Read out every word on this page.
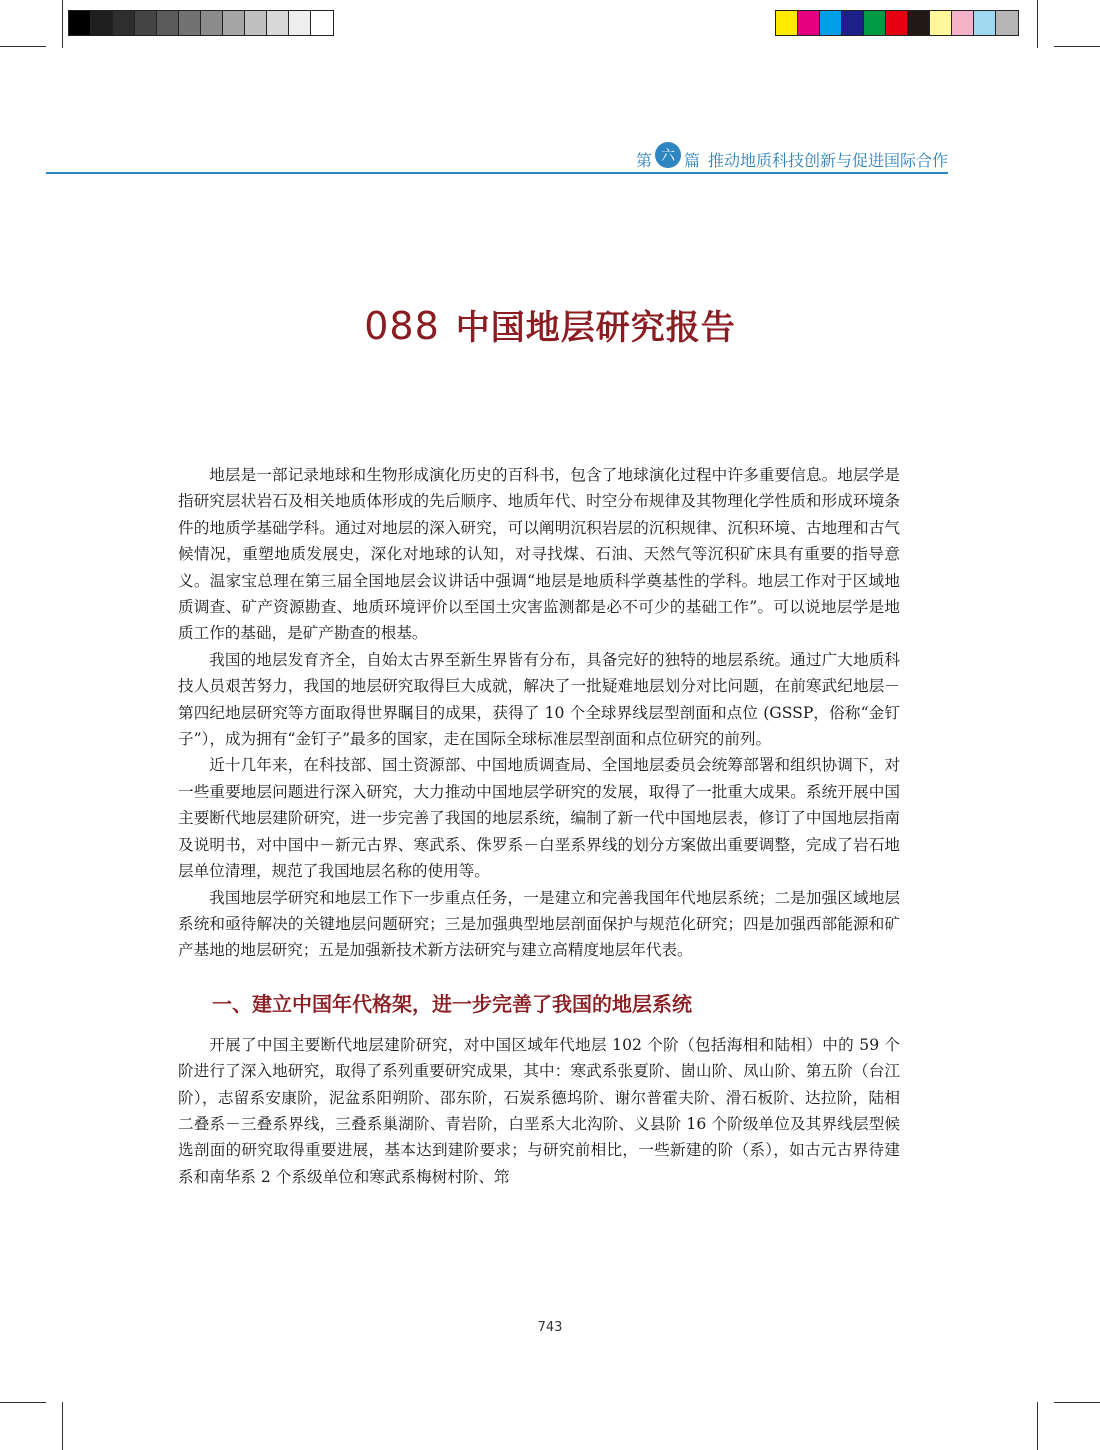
第 六 篇 推动地质科技创新与促进国际合作
088 中国地层研究报告

地层是一部记录地球和生物形成演化历史的百科书，包含了地球演化过程中许多重要信息。地层学是指研究层状岩石及相关地质体形成的先后顺序、地质年代、时空分布规律及其物理化学性质和形成环境条件的地质学基础学科。通过对地层的深入研究，可以阐明沉积岩层的沉积规律、沉积环境、古地理和古气候情况，重塑地质发展史，深化对地球的认知，对寻找煤、石油、天然气等沉积矿床具有重要的指导意义。温家宝总理在第三届全国地层会议讲话中强调“地层是地质科学奠基性的学科。地层工作对于区域地质调查、矿产资源勘查、地质环境评价以至国土灾害监测都是必不可少的基础工作”。可以说地层学是地质工作的基础，是矿产勘查的根基。

我国的地层发育齐全，自始太古界至新生界皆有分布，具备完好的独特的地层系统。通过广大地质科技人员艰苦努力，我国的地层研究取得巨大成就，解决了一批疑难地层划分对比问题，在前寒武纪地层－第四纪地层研究等方面取得世界瞩目的成果，获得了 10 个全球界线层型剖面和点位 (GSSP，俗称“金钉子”），成为拥有“金钉子”最多的国家，走在国际全球标准层型剖面和点位研究的前列。

近十几年来，在科技部、国土资源部、中国地质调查局、全国地层委员会统筹部署和组织协调下，对一些重要地层问题进行深入研究，大力推动中国地层学研究的发展，取得了一批重大成果。系统开展中国主要断代地层建阶研究，进一步完善了我国的地层系统，编制了新一代中国地层表，修订了中国地层指南及说明书，对中国中－新元古界、寒武系、侏罗系－白垩系界线的划分方案做出重要调整，完成了岩石地层单位清理，规范了我国地层名称的使用等。

我国地层学研究和地层工作下一步重点任务，一是建立和完善我国年代地层系统；二是加强区域地层系统和亟待解决的关键地层问题研究；三是加强典型地层剖面保护与规范化研究；四是加强西部能源和矿产基地的地层研究；五是加强新技术新方法研究与建立高精度地层年代表。

一、建立中国年代格架，进一步完善了我国的地层系统

开展了中国主要断代地层建阶研究，对中国区域年代地层 102 个阶（包括海相和陆相）中的 59 个阶进行了深入地研究，取得了系列重要研究成果，其中：寒武系张夏阶、崮山阶、凤山阶、第五阶（台江阶），志留系安康阶，泥盆系阳朔阶、邵东阶，石炭系德坞阶、谢尔普霍夫阶、滑石板阶、达拉阶，陆相二叠系－三叠系界线，三叠系巢湖阶、青岩阶，白垩系大北沟阶、义县阶 16 个阶级单位及其界线层型候选剖面的研究取得重要进展，基本达到建阶要求；与研究前相比，一些新建的阶（系），如古元古界待建系和南华系 2 个系级单位和寒武系梅树村阶、筇

743
